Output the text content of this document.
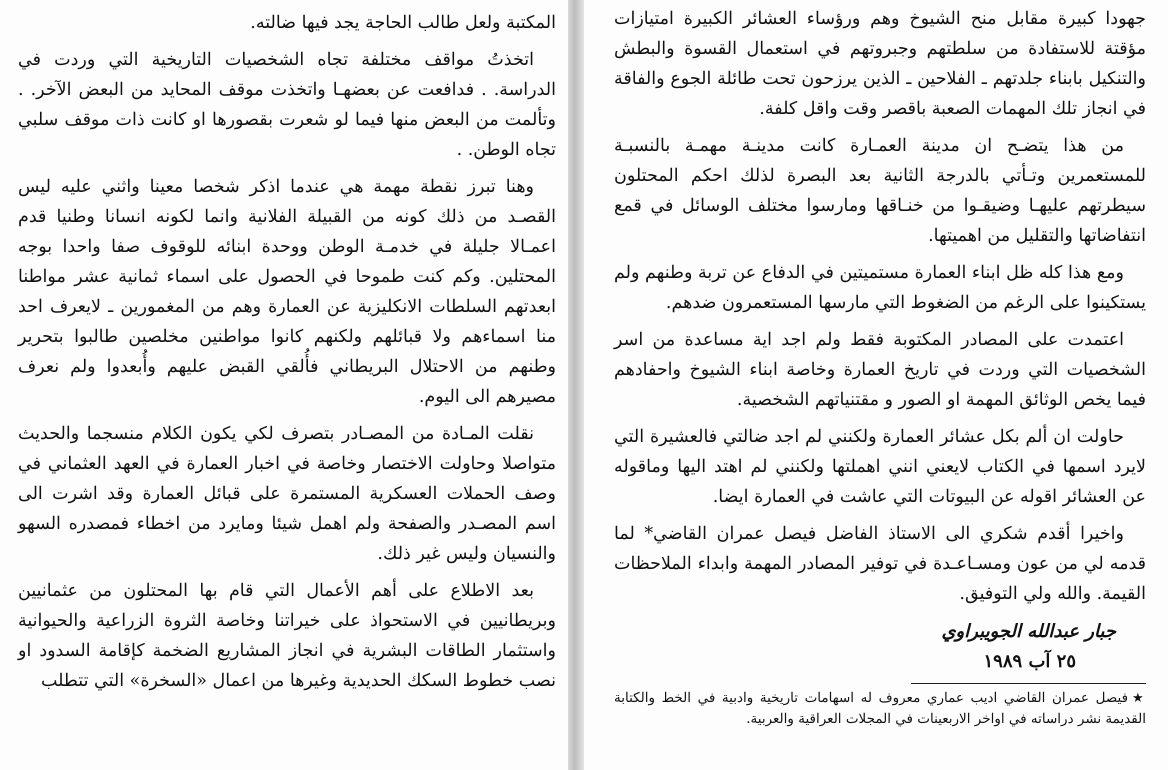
المكتبة ولعل طالب الحاجة يجد فيها ضالته.

اتخذتُ مواقف مختلفة تجاه الشخصيات التاريخية التي وردت في الدراسة. . فدافعت عن بعضهـا واتخذت موقف المحايد من البعض الآخر. . وتألمت من البعض منها فيما لو شعرت بقصورها او كانت ذات موقف سلبي تجاه الوطن. .

وهنا تبرز نقطة مهمة هي عندما اذكر شخصا معينا واثني عليه ليس القصـد من ذلك كونه من القبيلة الفلانية وانما لكونه انسانا وطنيا قدم اعمـالا جليلة في خدمـة الوطن ووحدة ابنائه للوقوف صفا واحدا بوجه المحتلين. وكم كنت طموحا في الحصول على اسماء ثمانية عشر مواطنا ابعدتهم السلطات الانكليزية عن العمارة وهم من المغمورين ـ لايعرف احد منا اسماءهم ولا قبائلهم ولكنهم كانوا مواطنين مخلصين طالبوا بتحرير وطنهم من الاحتلال البريطاني فأُلقي القبض عليهم وأُبعدوا ولم نعرف مصيرهم الى اليوم.

نقلت المـادة من المصـادر بتصرف لكي يكون الكلام منسجما والحديث متواصلا وحاولت الاختصار وخاصة في اخبار العمارة في العهد العثماني في وصف الحملات العسكرية المستمرة على قبائل العمارة وقد اشرت الى اسم المصـدر والصفحة ولم اهمل شيئا ومايرد من اخطاء فمصدره السهو والنسيان وليس غير ذلك.

بعد الاطلاع على أهم الأعمال التي قام بها المحتلون من عثمانيين وبريطانيين في الاستحواذ على خيراتنا وخاصة الثروة الزراعية والحيوانية واستثمار الطاقات البشرية في انجاز المشاريع الضخمة كإقامة السدود او نصب خطوط السكك الحديدية وغيرها من اعمال «السخرة» التي تتطلب

جهودا كبيرة مقابل منح الشيوخ وهم ورؤساء العشائر الكبيرة امتيازات مؤقتة للاستفادة من سلطتهم وجبروتهم في استعمال القسوة والبطش والتنكيل بابناء جلدتهم ـ الفلاحين ـ الذين يرزحون تحت طائلة الجوع والفاقة في انجاز تلك المهمات الصعبة باقصر وقت واقل كلفة.

من هذا يتضـح ان مدينة العمـارة كانت مدينـة مهمـة بالنسبـة للمستعمرين وتـأتي بالدرجة الثانية بعد البصرة لذلك احكم المحتلون سيطرتهم عليهـا وضيقـوا من خنـاقها ومارسوا مختلف الوسائل في قمع انتفاضاتها والتقليل من اهميتها.

ومع هذا كله ظل ابناء العمارة مستميتين في الدفاع عن تربة وطنهم ولم يستكينوا على الرغم من الضغوط التي مارسها المستعمرون ضدهم.

اعتمدت على المصادر المكتوبة فقط ولم اجد اية مساعدة من اسر الشخصيات التي وردت في تاريخ العمارة وخاصة ابناء الشيوخ واحفادهم فيما يخص الوثائق المهمة او الصور و مقتنياتهم الشخصية.

حاولت ان ألم بكل عشائر العمارة ولكنني لم اجد ضالتي فالعشيرة التي لايرد اسمها في الكتاب لايعني انني اهملتها ولكنني لم اهتد اليها وماقوله عن العشائر اقوله عن البيوتات التي عاشت في العمارة ايضا.

واخيرا أقدم شكري الى الاستاذ الفاضل فيصل عمران القاضي* لما قدمه لي من عون ومسـاعـدة في توفير المصادر المهمة وابداء الملاحظات القيمة. والله ولي التوفيق.

جبار عبدالله الجويبراوي
٢٥ آب ١٩٨٩

★فيصل عمران القاضي اديب عماري معروف له اسهامات تاريخية وادبية في الخط والكتابة القديمة نشر دراساته في اواخر الاربعينات في المجلات العراقية والعربية.
